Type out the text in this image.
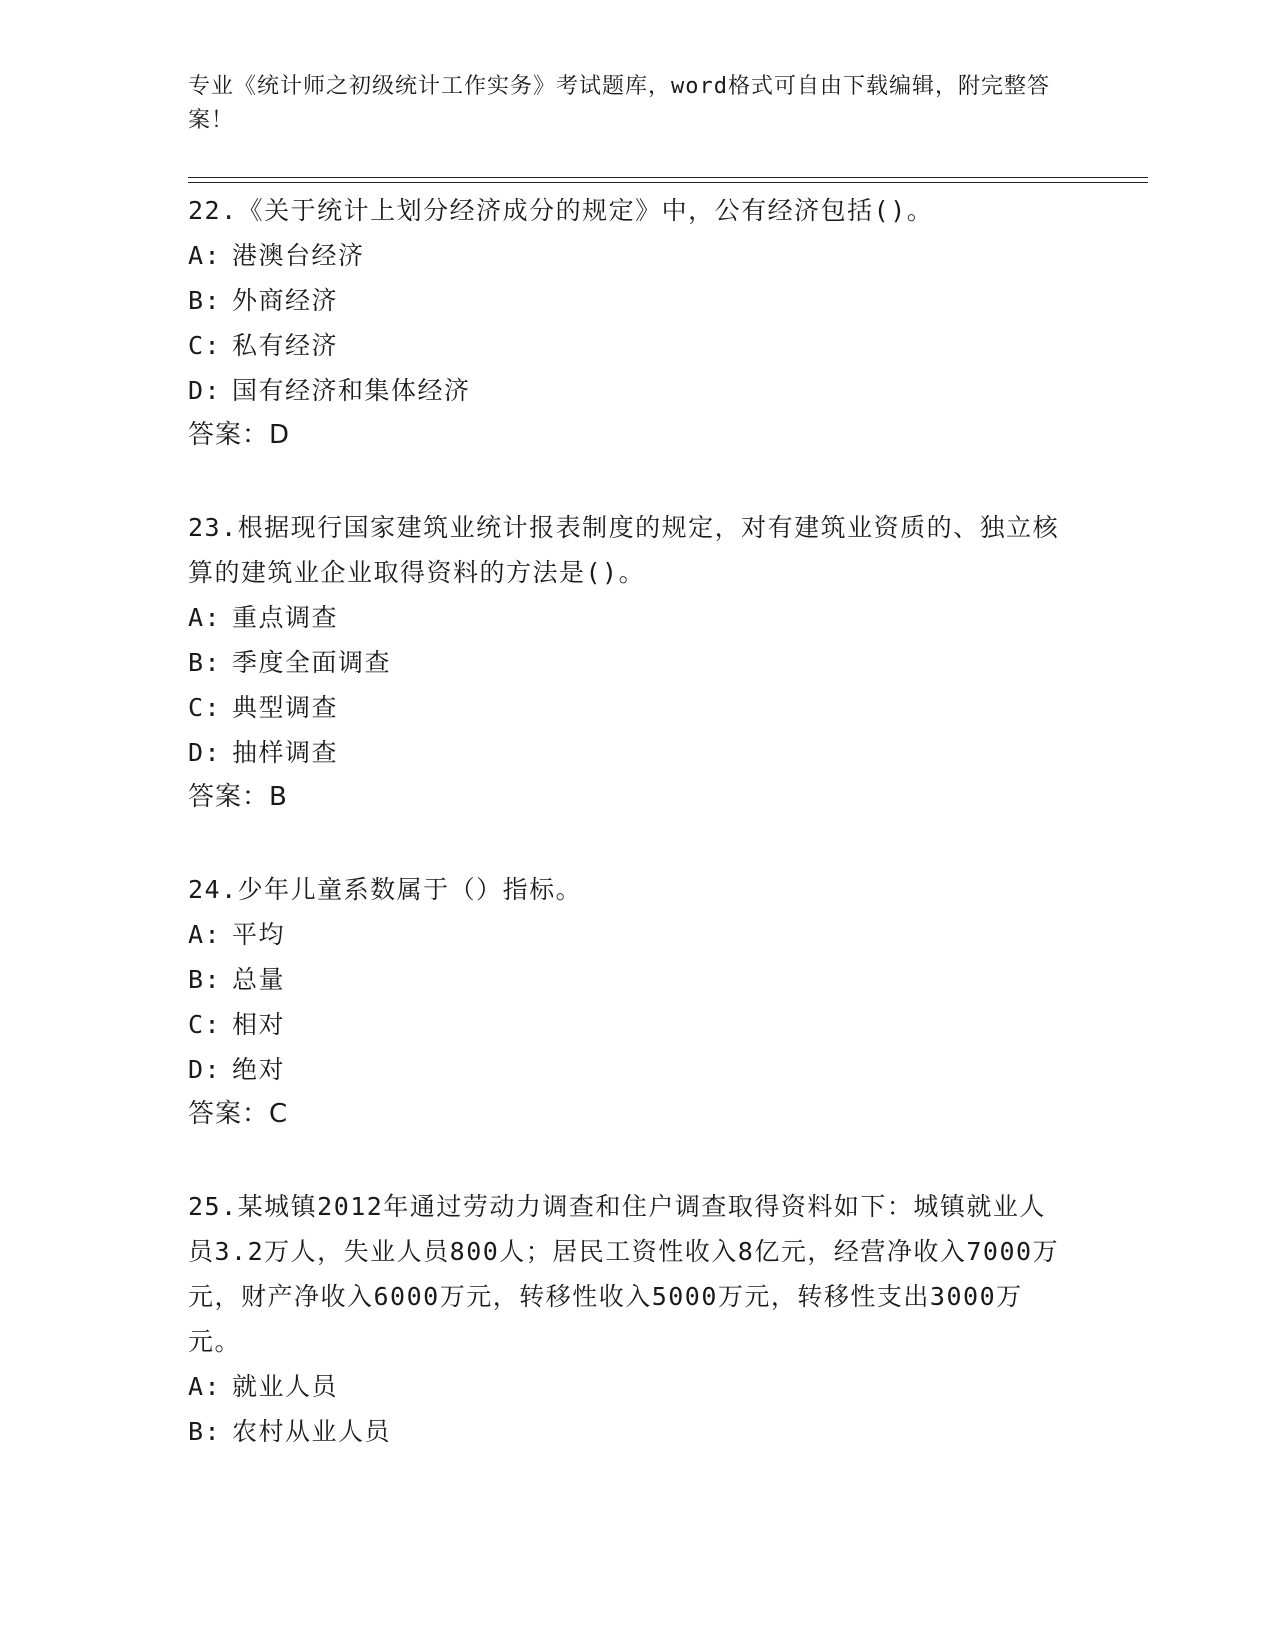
专业《统计师之初级统计工作实务》考试题库，word格式可自由下载编辑，附完整答案！

22.《关于统计上划分经济成分的规定》中，公有经济包括()。

A: 港澳台经济
B: 外商经济
C: 私有经济
D: 国有经济和集体经济
答案：D

23.根据现行国家建筑业统计报表制度的规定，对有建筑业资质的、独立核算的建筑业企业取得资料的方法是()。

A: 重点调查
B: 季度全面调查
C: 典型调查
D: 抽样调查
答案：B

24.少年儿童系数属于（）指标。

A: 平均
B: 总量
C: 相对
D: 绝对
答案：C

25.某城镇2012年通过劳动力调查和住户调查取得资料如下：城镇就业人员3.2万人，失业人员800人；居民工资性收入8亿元，经营净收入7000万元，财产净收入6000万元，转移性收入5000万元，转移性支出3000万元。

A: 就业人员
B: 农村从业人员
